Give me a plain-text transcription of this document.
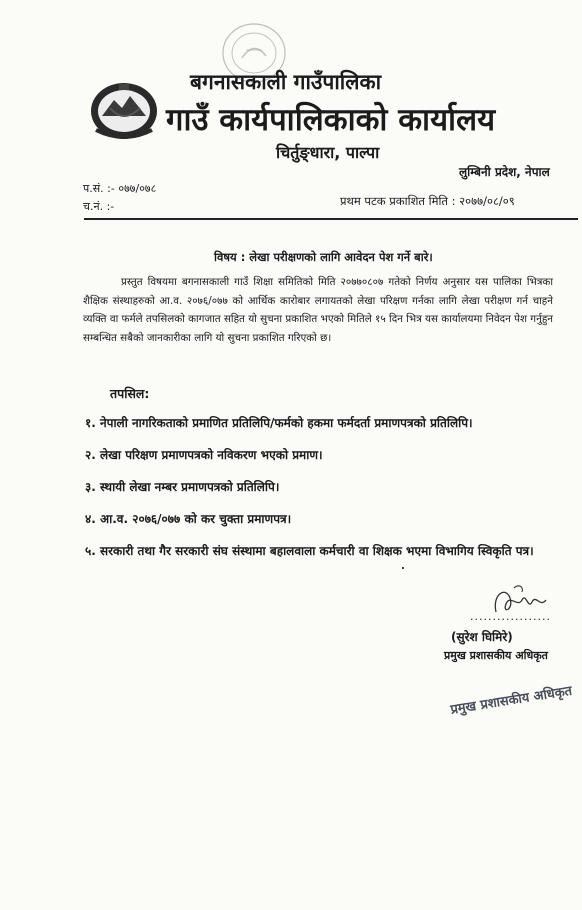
बगनासकाली गाउँपालिका
गाउँ कार्यपालिकाको कार्यालय
चिर्तुङ्धारा, पाल्पा
लुम्बिनी प्रदेश, नेपाल
प.सं. :- ०७७/०७८
च.नं. :-	प्रथम पटक प्रकाशित मिति : २०७७/०८/०९
विषय : लेखा परीक्षणको लागि आवेदन पेश गर्ने बारे।
प्रस्तुत विषयमा बगनासकाली गाउँ शिक्षा समितिको मिति २०७७०८०७ गतेको निर्णय अनुसार यस पालिका भित्रका शैक्षिक संस्थाहरुको आ.व. २०७६/०७७ को आर्थिक कारोबार लगायतको लेखा परिक्षण गर्नका लागि लेखा परीक्षण गर्न चाहने व्यक्ति वा फर्मले तपसिलको कागजात सहित यो सुचना प्रकाशित भएको मितिले १५ दिन भित्र यस कार्यालयमा निवेदन पेश गर्नुहुन सम्बन्धित सबैको जानकारीका लागि यो सुचना प्रकाशित गरिएको छ।
तपसिल:
१. नेपाली नागरिकताको प्रमाणित प्रतिलिपि/फर्मको हकमा फर्मदर्ता प्रमाणपत्रको प्रतिलिपि।
२. लेखा परिक्षण प्रमाणपत्रको नविकरण भएको प्रमाण।
३. स्थायी लेखा नम्बर प्रमाणपत्रको प्रतिलिपि।
४. आ.व. २०७६/०७७ को कर चुक्ता प्रमाणपत्र।
५. सरकारी तथा गैर सरकारी संघ संस्थामा बहालवाला कर्मचारी वा शिक्षक भएमा विभागिय स्विकृति पत्र।
..................
(सुरेश घिमिरे)
प्रमुख प्रशासकीय अधिकृत
प्रमुख प्रशासकीय अधिकृत
